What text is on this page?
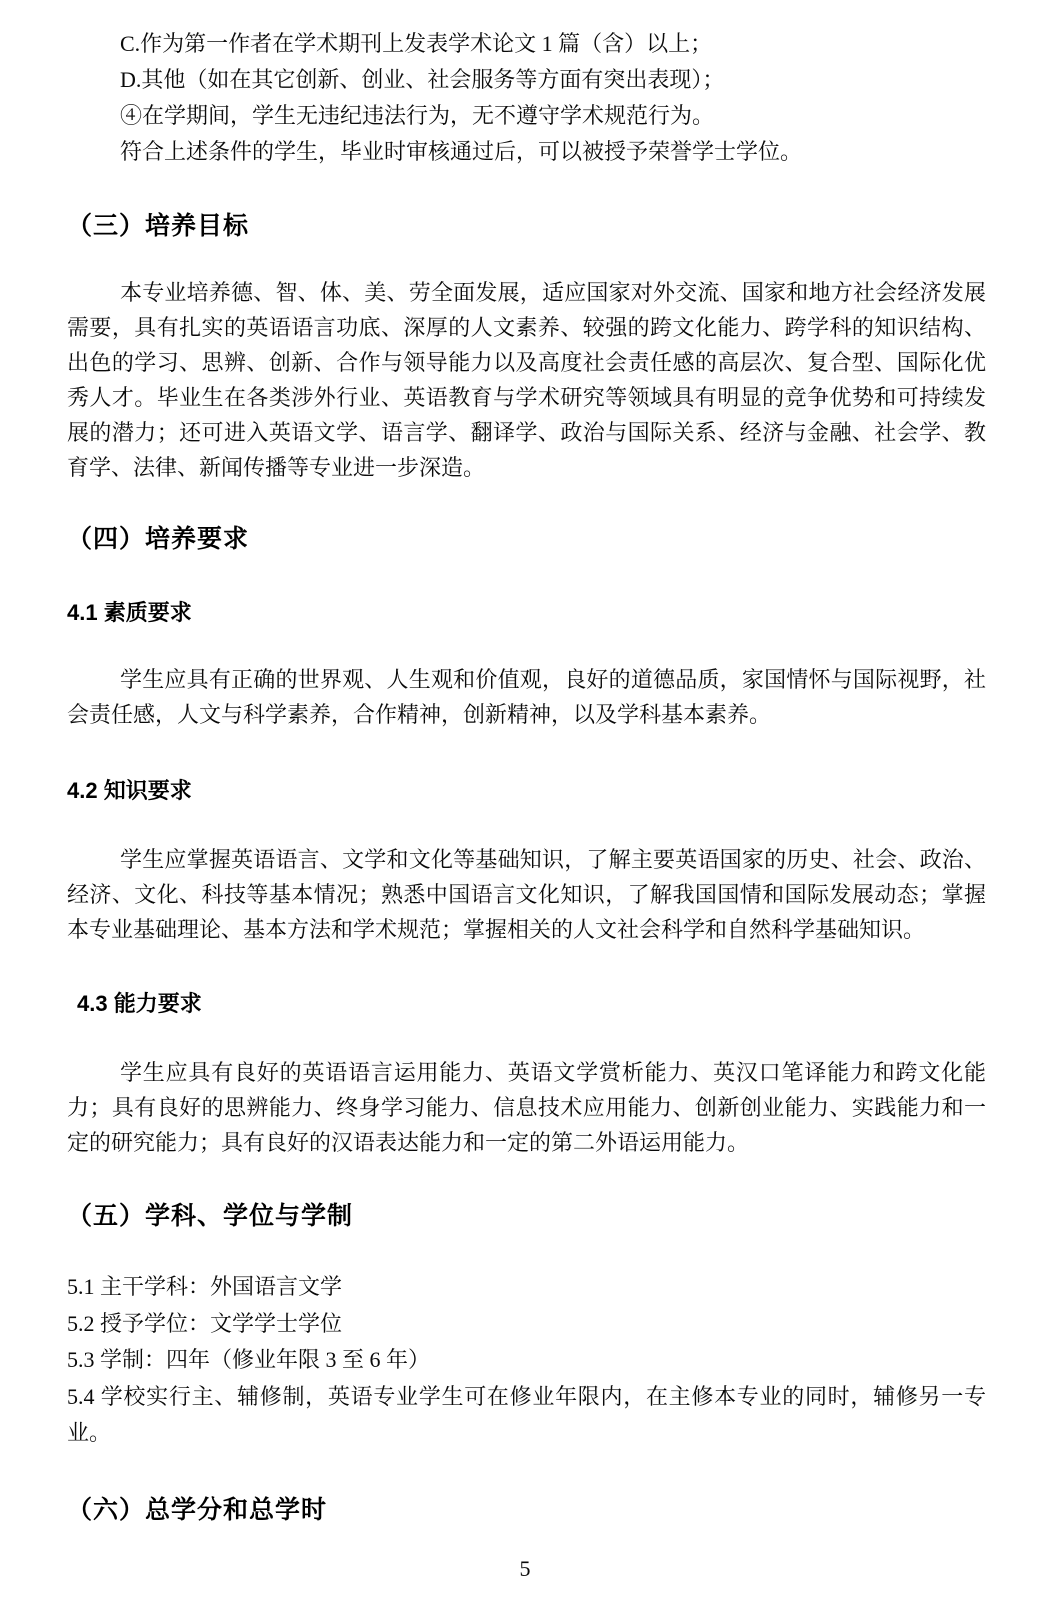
C.作为第一作者在学术期刊上发表学术论文 1 篇（含）以上；
D.其他（如在其它创新、创业、社会服务等方面有突出表现）；
④在学期间，学生无违纪违法行为，无不遵守学术规范行为。
符合上述条件的学生，毕业时审核通过后，可以被授予荣誉学士学位。
（三）培养目标

本专业培养德、智、体、美、劳全面发展，适应国家对外交流、国家和地方社会经济发展需要，具有扎实的英语语言功底、深厚的人文素养、较强的跨文化能力、跨学科的知识结构、出色的学习、思辨、创新、合作与领导能力以及高度社会责任感的高层次、复合型、国际化优秀人才。毕业生在各类涉外行业、英语教育与学术研究等领域具有明显的竞争优势和可持续发展的潜力；还可进入英语文学、语言学、翻译学、政治与国际关系、经济与金融、社会学、教育学、法律、新闻传播等专业进一步深造。

（四）培养要求
4.1 素质要求

学生应具有正确的世界观、人生观和价值观，良好的道德品质，家国情怀与国际视野，社会责任感，人文与科学素养，合作精神，创新精神，以及学科基本素养。

4.2 知识要求

学生应掌握英语语言、文学和文化等基础知识，了解主要英语国家的历史、社会、政治、经济、文化、科技等基本情况；熟悉中国语言文化知识，了解我国国情和国际发展动态；掌握本专业基础理论、基本方法和学术规范；掌握相关的人文社会科学和自然科学基础知识。

4.3 能力要求

学生应具有良好的英语语言运用能力、英语文学赏析能力、英汉口笔译能力和跨文化能力；具有良好的思辨能力、终身学习能力、信息技术应用能力、创新创业能力、实践能力和一定的研究能力；具有良好的汉语表达能力和一定的第二外语运用能力。

（五）学科、学位与学制
5.1 主干学科：外国语言文学
5.2 授予学位：文学学士学位
5.3 学制：四年（修业年限 3 至 6 年）
5.4 学校实行主、辅修制，英语专业学生可在修业年限内，在主修本专业的同时，辅修另一专业。
（六）总学分和总学时
5
